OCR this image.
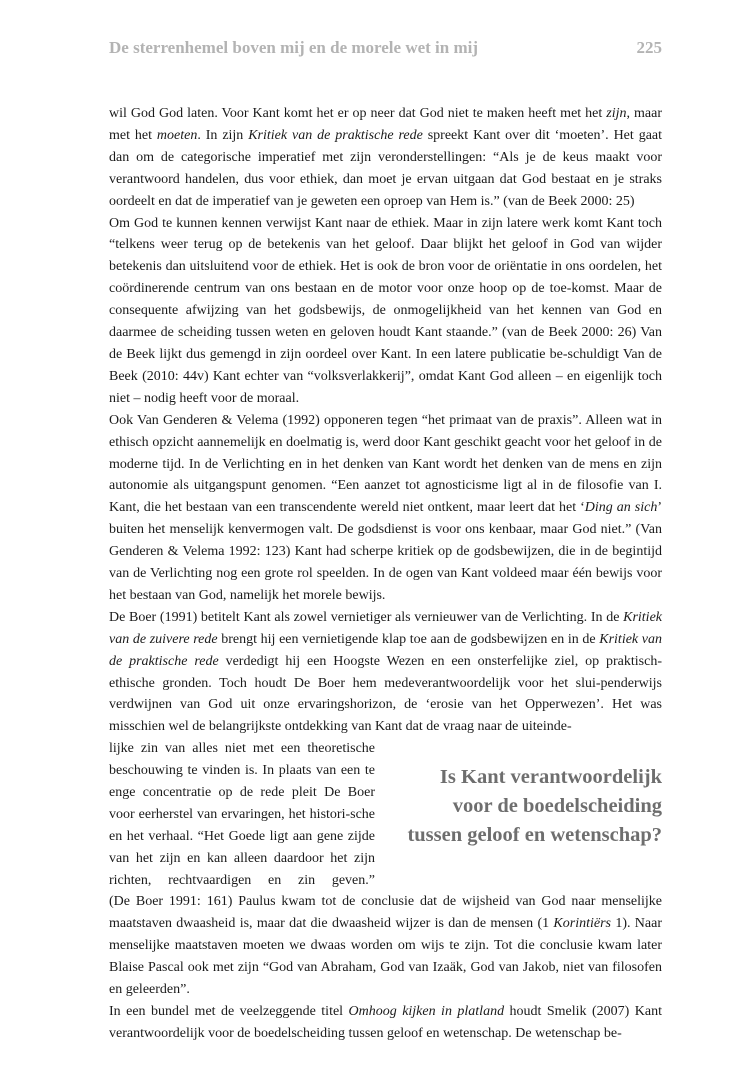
De sterrenhemel boven mij en de morele wet in mij	225

wil God God laten. Voor Kant komt het er op neer dat God niet te maken heeft met het zijn, maar met het moeten. In zijn Kritiek van de praktische rede spreekt Kant over dit ‘moeten’. Het gaat dan om de categorische imperatief met zijn veronderstellingen: “Als je de keus maakt voor verantwoord handelen, dus voor ethiek, dan moet je ervan uitgaan dat God bestaat en je straks oordeelt en dat de imperatief van je geweten een oproep van Hem is.” (van de Beek 2000: 25)

Om God te kunnen kennen verwijst Kant naar de ethiek. Maar in zijn latere werk komt Kant toch “telkens weer terug op de betekenis van het geloof. Daar blijkt het geloof in God van wijder betekenis dan uitsluitend voor de ethiek. Het is ook de bron voor de oriëntatie in ons oordelen, het coördinerende centrum van ons bestaan en de motor voor onze hoop op de toe-komst. Maar de consequente afwijzing van het godsbewijs, de onmogelijkheid van het kennen van God en daarmee de scheiding tussen weten en geloven houdt Kant staande.” (van de Beek 2000: 26) Van de Beek lijkt dus gemengd in zijn oordeel over Kant. In een latere publicatie be-schuldigt Van de Beek (2010: 44v) Kant echter van “volksverlakkerij”, omdat Kant God alleen – en eigenlijk toch niet – nodig heeft voor de moraal.

Ook Van Genderen & Velema (1992) opponeren tegen “het primaat van de praxis”. Alleen wat in ethisch opzicht aannemelijk en doelmatig is, werd door Kant geschikt geacht voor het geloof in de moderne tijd. In de Verlichting en in het denken van Kant wordt het denken van de mens en zijn autonomie als uitgangspunt genomen. “Een aanzet tot agnosticisme ligt al in de filosofie van I. Kant, die het bestaan van een transcendente wereld niet ontkent, maar leert dat het ‘Ding an sich’ buiten het menselijk kenvermogen valt. De godsdienst is voor ons kenbaar, maar God niet.” (Van Genderen & Velema 1992: 123) Kant had scherpe kritiek op de godsbewijzen, die in de begintijd van de Verlichting nog een grote rol speelden. In de ogen van Kant voldeed maar één bewijs voor het bestaan van God, namelijk het morele bewijs.

De Boer (1991) betitelt Kant als zowel vernietiger als vernieuwer van de Verlichting. In de Kritiek van de zuivere rede brengt hij een vernietigende klap toe aan de godsbewijzen en in de Kritiek van de praktische rede verdedigt hij een Hoogste Wezen en een onsterfelijke ziel, op praktisch-ethische gronden. Toch houdt De Boer hem medeverantwoordelijk voor het slui-penderwijs verdwijnen van God uit onze ervaringshorizon, de ‘erosie van het Opperwezen’. Het was misschien wel de belangrijkste ontdekking van Kant dat de vraag naar de uiteinde-

lijke zin van alles niet met een theoretische beschouwing te vinden is. In plaats van een te enge concentratie op de rede pleit De Boer voor eerherstel van ervaringen, het histori-sche en het verhaal. “Het Goede ligt aan gene zijde van het zijn en kan alleen daardoor het zijn richten, rechtvaardigen en zin geven.”

Is Kant verantwoordelijk
voor de boedelscheiding
tussen geloof en wetenschap?

(De Boer 1991: 161) Paulus kwam tot de conclusie dat de wijsheid van God naar menselijke maatstaven dwaasheid is, maar dat die dwaasheid wijzer is dan de mensen (1 Korintiërs 1). Naar menselijke maatstaven moeten we dwaas worden om wijs te zijn. Tot die conclusie kwam later Blaise Pascal ook met zijn “God van Abraham, God van Izaäk, God van Jakob, niet van filosofen en geleerden”.

In een bundel met de veelzeggende titel Omhoog kijken in platland houdt Smelik (2007) Kant verantwoordelijk voor de boedelscheiding tussen geloof en wetenschap. De wetenschap be-
